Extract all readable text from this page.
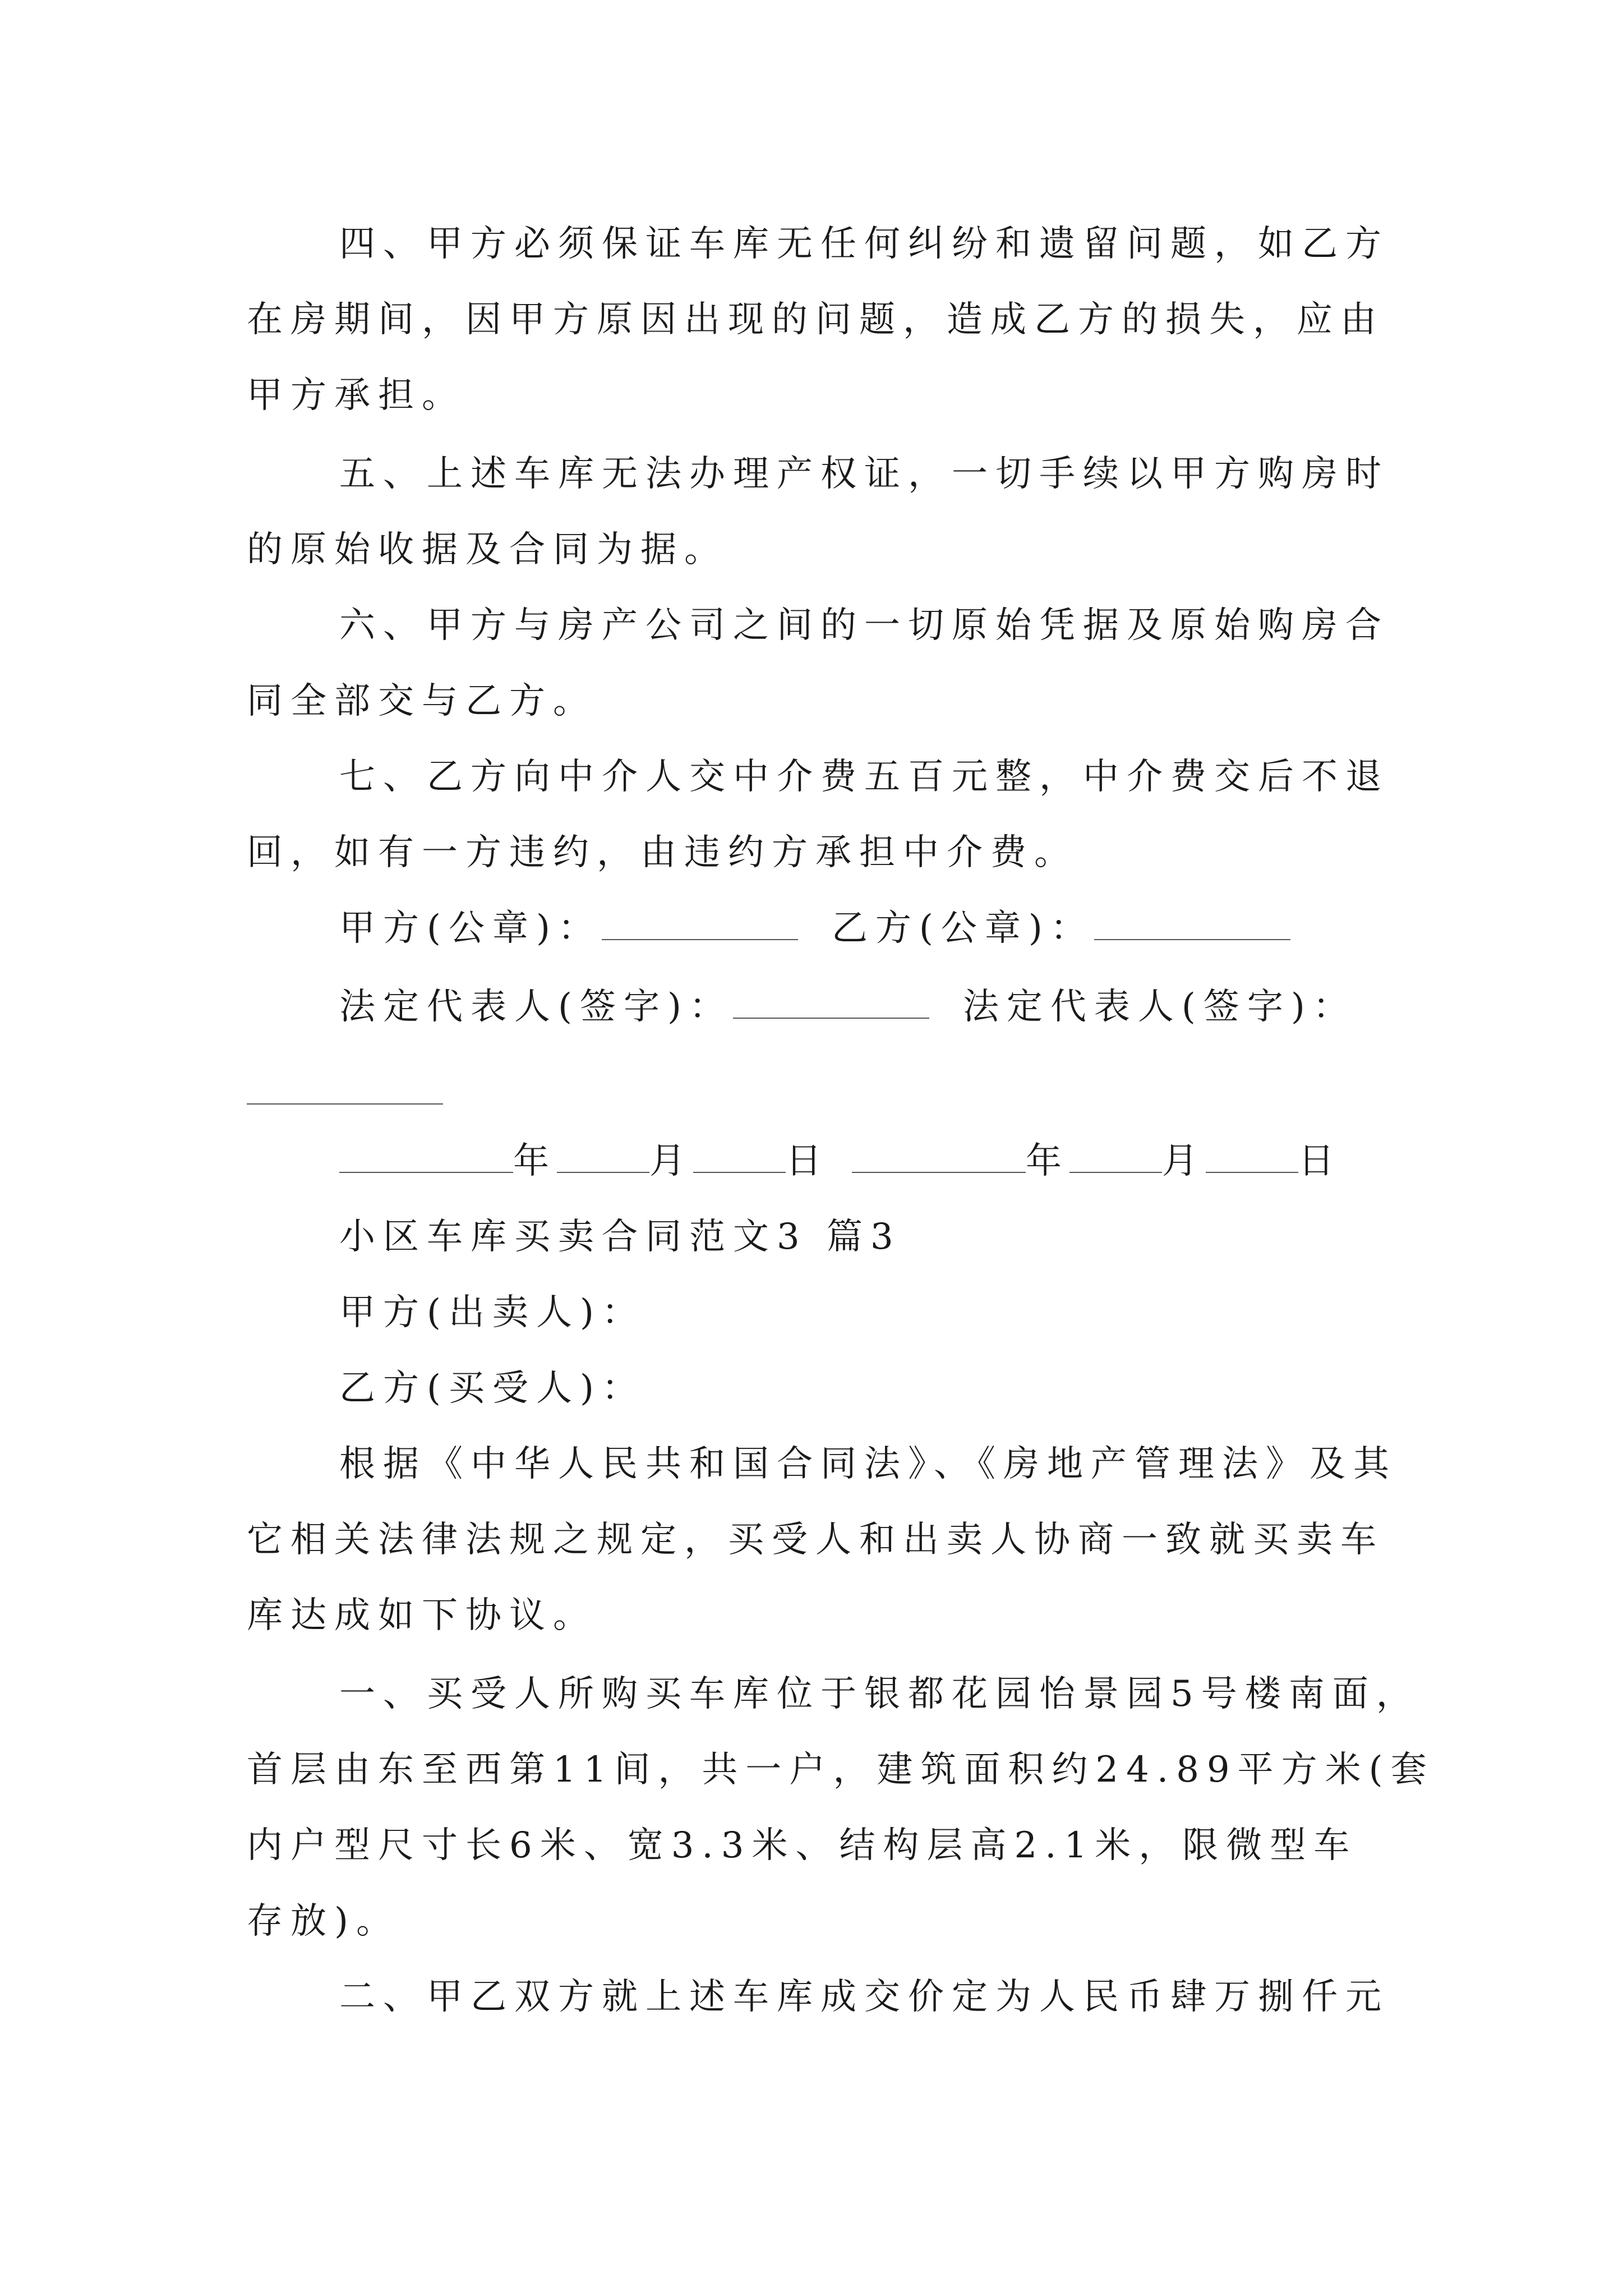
四、甲方必须保证车库无任何纠纷和遗留问题，如乙方
在房期间，因甲方原因出现的问题，造成乙方的损失，应由
甲方承担。
五、上述车库无法办理产权证，一切手续以甲方购房时
的原始收据及合同为据。
六、甲方与房产公司之间的一切原始凭据及原始购房合
同全部交与乙方。
七、乙方向中介人交中介费五百元整，中介费交后不退
回，如有一方违约，由违约方承担中介费。
甲方(公章)：	乙方(公章)：
法定代表人(签字)：	法定代表人(签字)：
年	月	日	年	月	日
小区车库买卖合同范文3 篇3
甲方(出卖人)：
乙方(买受人)：
根据《中华人民共和国合同法》、《房地产管理法》及其
它相关法律法规之规定，买受人和出卖人协商一致就买卖车
库达成如下协议。
一、买受人所购买车库位于银都花园怡景园5号楼南面，
首层由东至西第11间，共一户，建筑面积约24.89平方米(套
内户型尺寸长6米、宽3.3米、结构层高2.1米，限微型车
存放)。
二、甲乙双方就上述车库成交价定为人民币肆万捌仟元
